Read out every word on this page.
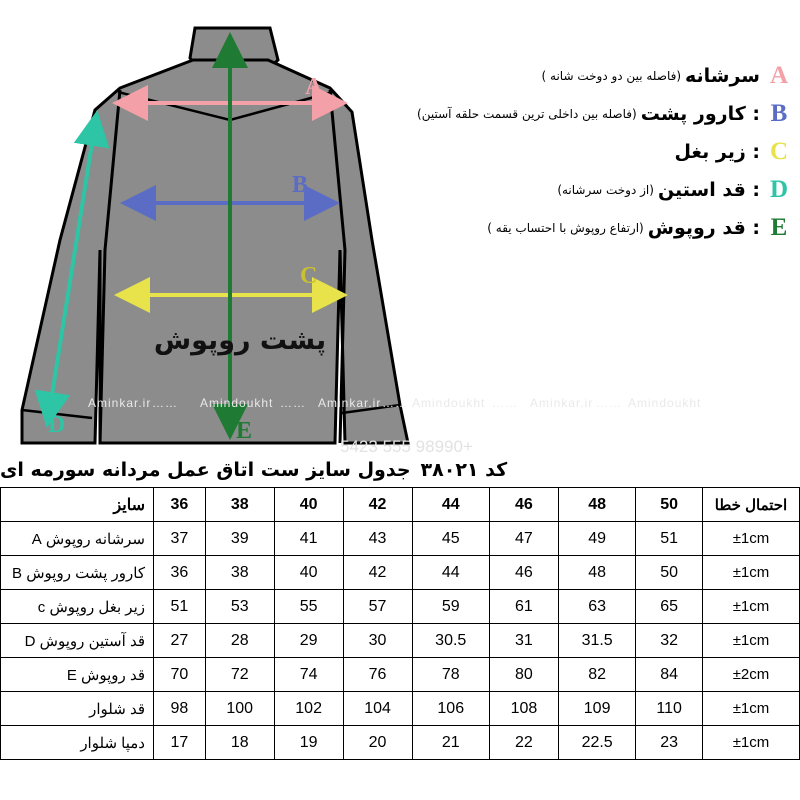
A
B
C
D	E
پشت روپوش
Aminkar.ir …… Amindoukht …… Aminkar.ir …… Amindoukht …… Aminkar.ir …… Amindoukht
+98990 555 5423
A
سرشانه
(فاصله بین دو دوخت شانه )
B
: کارور پشت
(فاصله بین داخلی ترین قسمت حلقه آستین)
C
: زیر بغل
D
: قد استین
(از دوخت سرشانه)
E
: قد روپوش
(ارتفاع روپوش با احتساب یقه )
جدول سایز ست اتاق عمل مردانه سورمه ای کد ۳۸۰۲۱
احتمال خطا	50	48	46	44	42	40	38	36	سایز
±1cm	51	49	47	45	43	41	39	37	سرشانه روپوش A
±1cm	50	48	46	44	42	40	38	36	کارور پشت روپوش B
±1cm	65	63	61	59	57	55	53	51	زیر بغل روپوش c
±1cm	32	31.5	31	30.5	30	29	28	27	قد آستین روپوش D
±2cm	84	82	80	78	76	74	72	70	قد روپوش E
±1cm	110	109	108	106	104	102	100	98	قد شلوار
±1cm	23	22.5	22	21	20	19	18	17	دمپا شلوار
